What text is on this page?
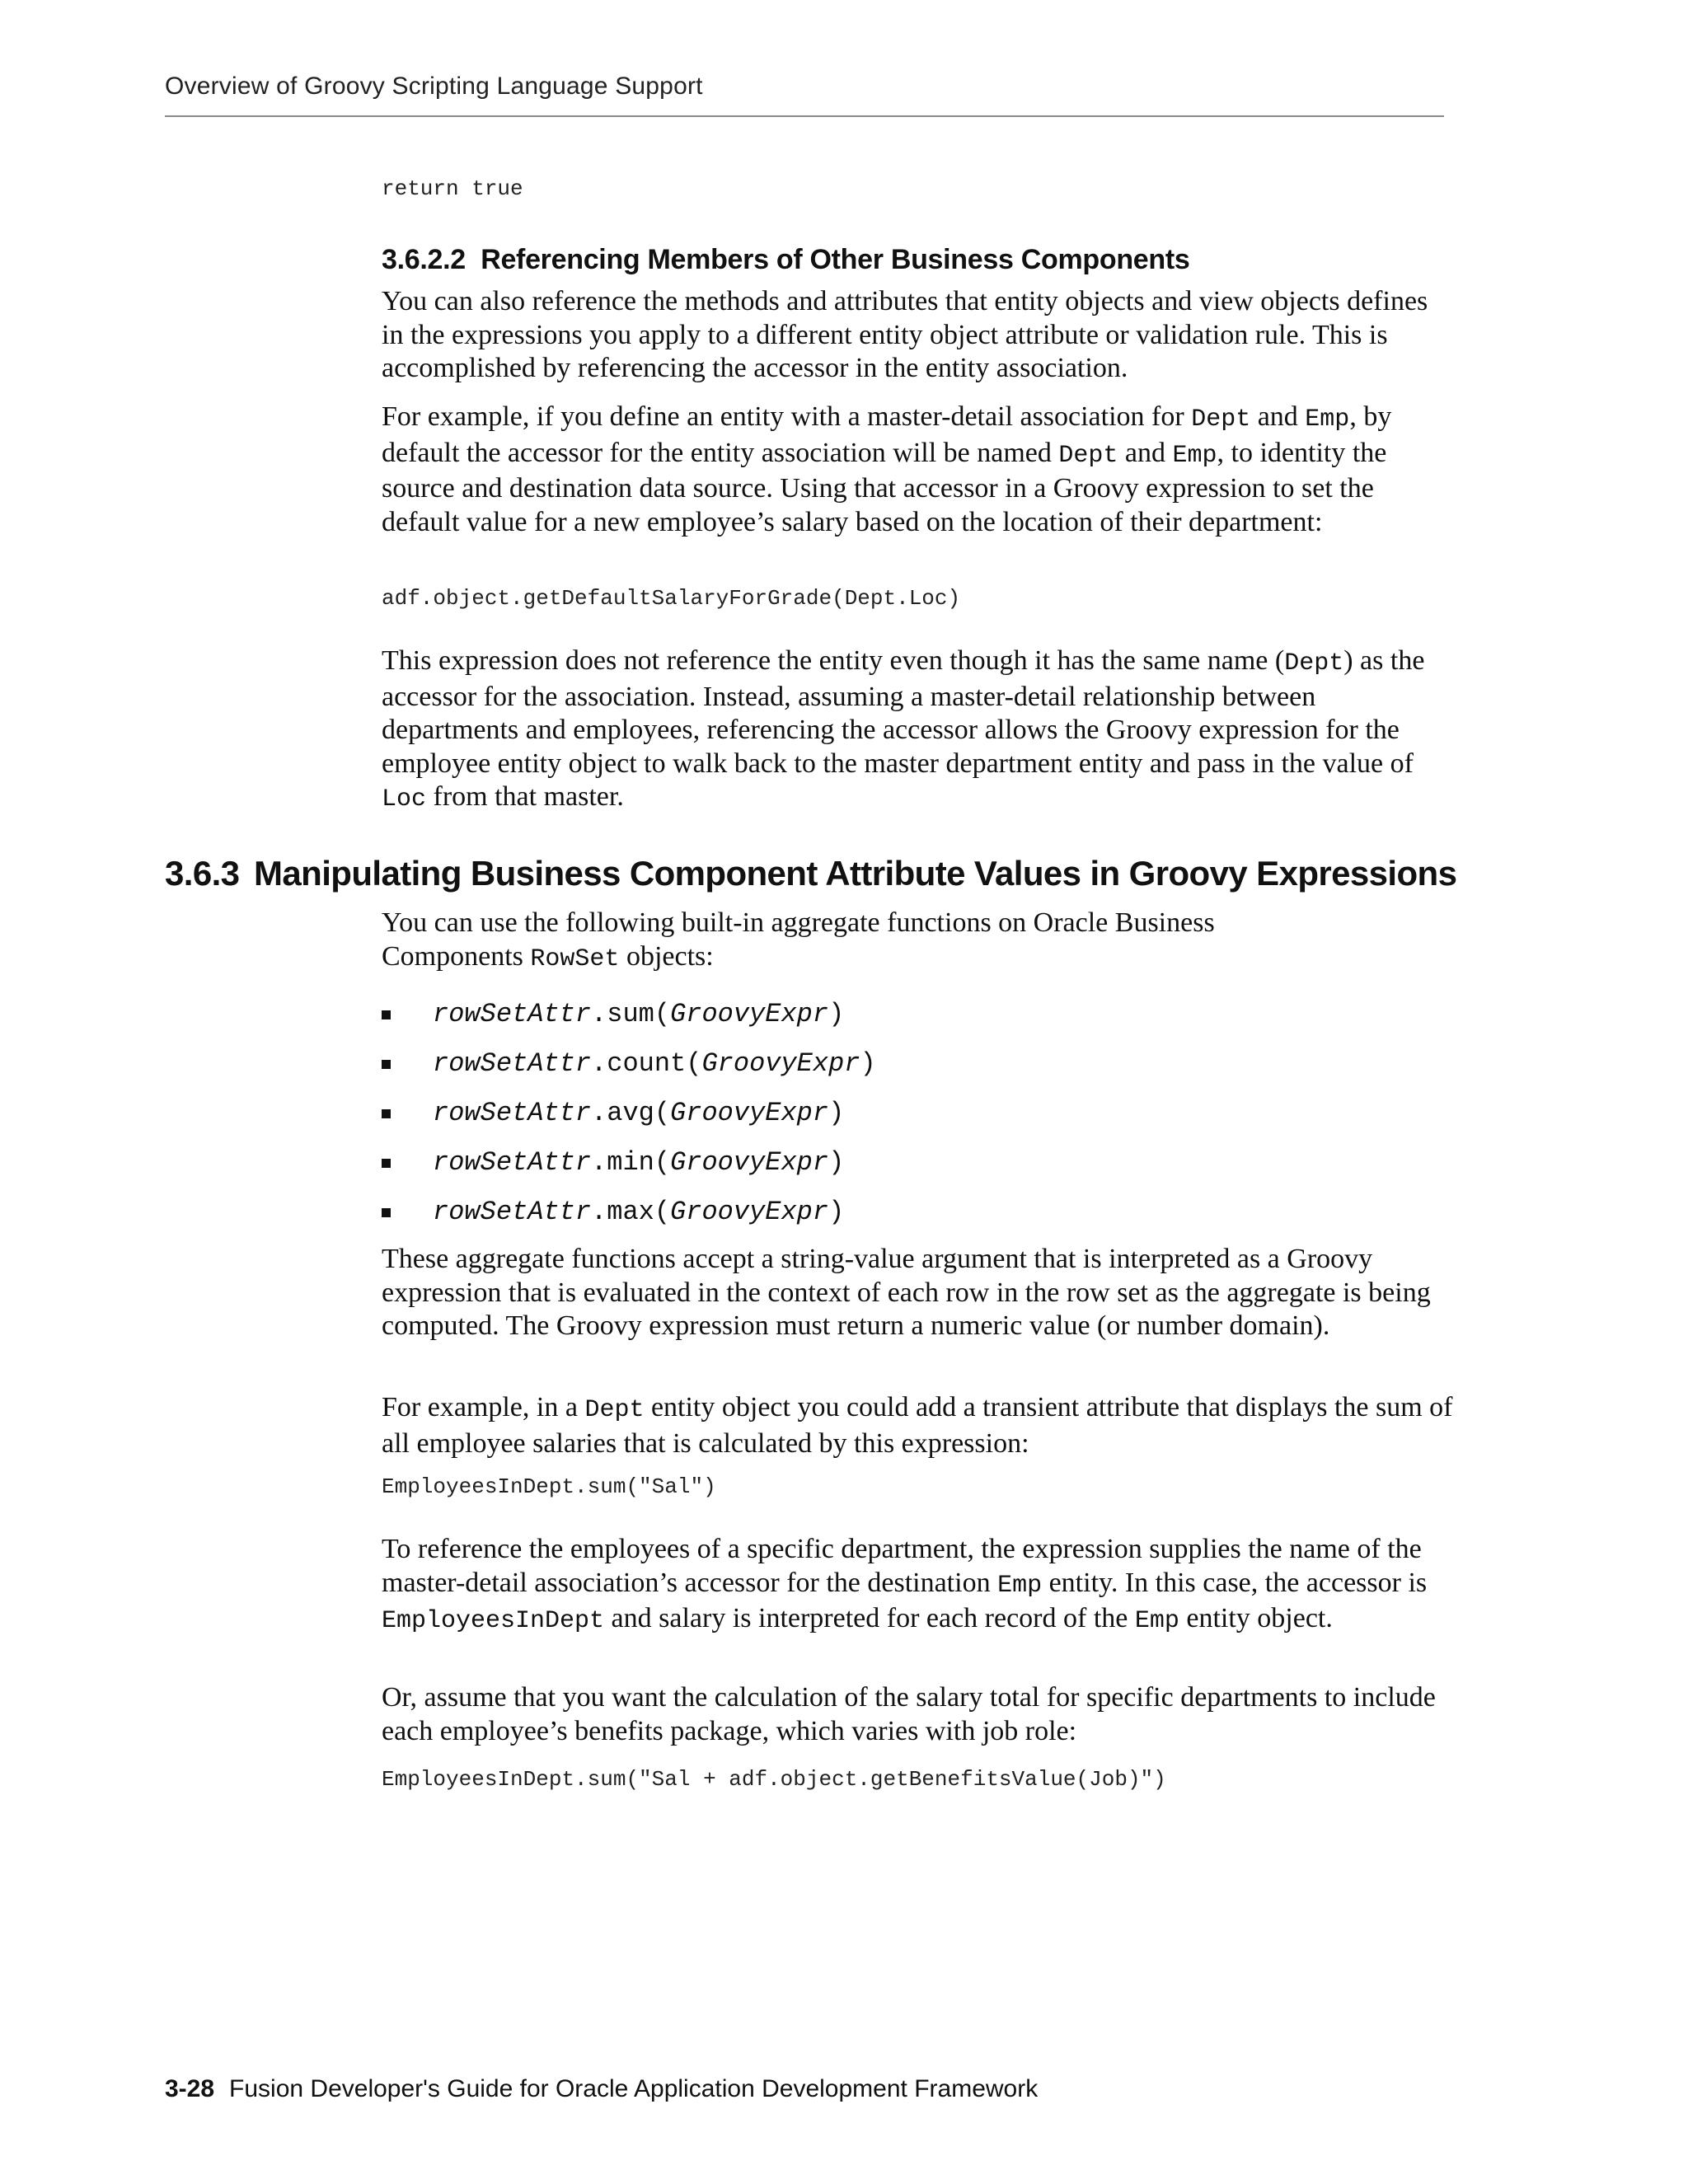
Overview of Groovy Scripting Language Support
return true
3.6.2.2 Referencing Members of Other Business Components
You can also reference the methods and attributes that entity objects and view objects defines in the expressions you apply to a different entity object attribute or validation rule. This is accomplished by referencing the accessor in the entity association.
For example, if you define an entity with a master-detail association for Dept and Emp, by default the accessor for the entity association will be named Dept and Emp, to identity the source and destination data source. Using that accessor in a Groovy expression to set the default value for a new employee’s salary based on the location of their department:
adf.object.getDefaultSalaryForGrade(Dept.Loc)
This expression does not reference the entity even though it has the same name (Dept) as the accessor for the association. Instead, assuming a master-detail relationship between departments and employees, referencing the accessor allows the Groovy expression for the employee entity object to walk back to the master department entity and pass in the value of Loc from that master.
3.6.3 Manipulating Business Component Attribute Values in Groovy Expressions
You can use the following built-in aggregate functions on Oracle Business Components RowSet objects:
rowSetAttr.sum(GroovyExpr)
rowSetAttr.count(GroovyExpr)
rowSetAttr.avg(GroovyExpr)
rowSetAttr.min(GroovyExpr)
rowSetAttr.max(GroovyExpr)
These aggregate functions accept a string-value argument that is interpreted as a Groovy expression that is evaluated in the context of each row in the row set as the aggregate is being computed. The Groovy expression must return a numeric value (or number domain).
For example, in a Dept entity object you could add a transient attribute that displays the sum of all employee salaries that is calculated by this expression:
EmployeesInDept.sum("Sal")
To reference the employees of a specific department, the expression supplies the name of the master-detail association’s accessor for the destination Emp entity. In this case, the accessor is EmployeesInDept and salary is interpreted for each record of the Emp entity object.
Or, assume that you want the calculation of the salary total for specific departments to include each employee’s benefits package, which varies with job role:
EmployeesInDept.sum("Sal + adf.object.getBenefitsValue(Job)")
3-28 Fusion Developer's Guide for Oracle Application Development Framework
